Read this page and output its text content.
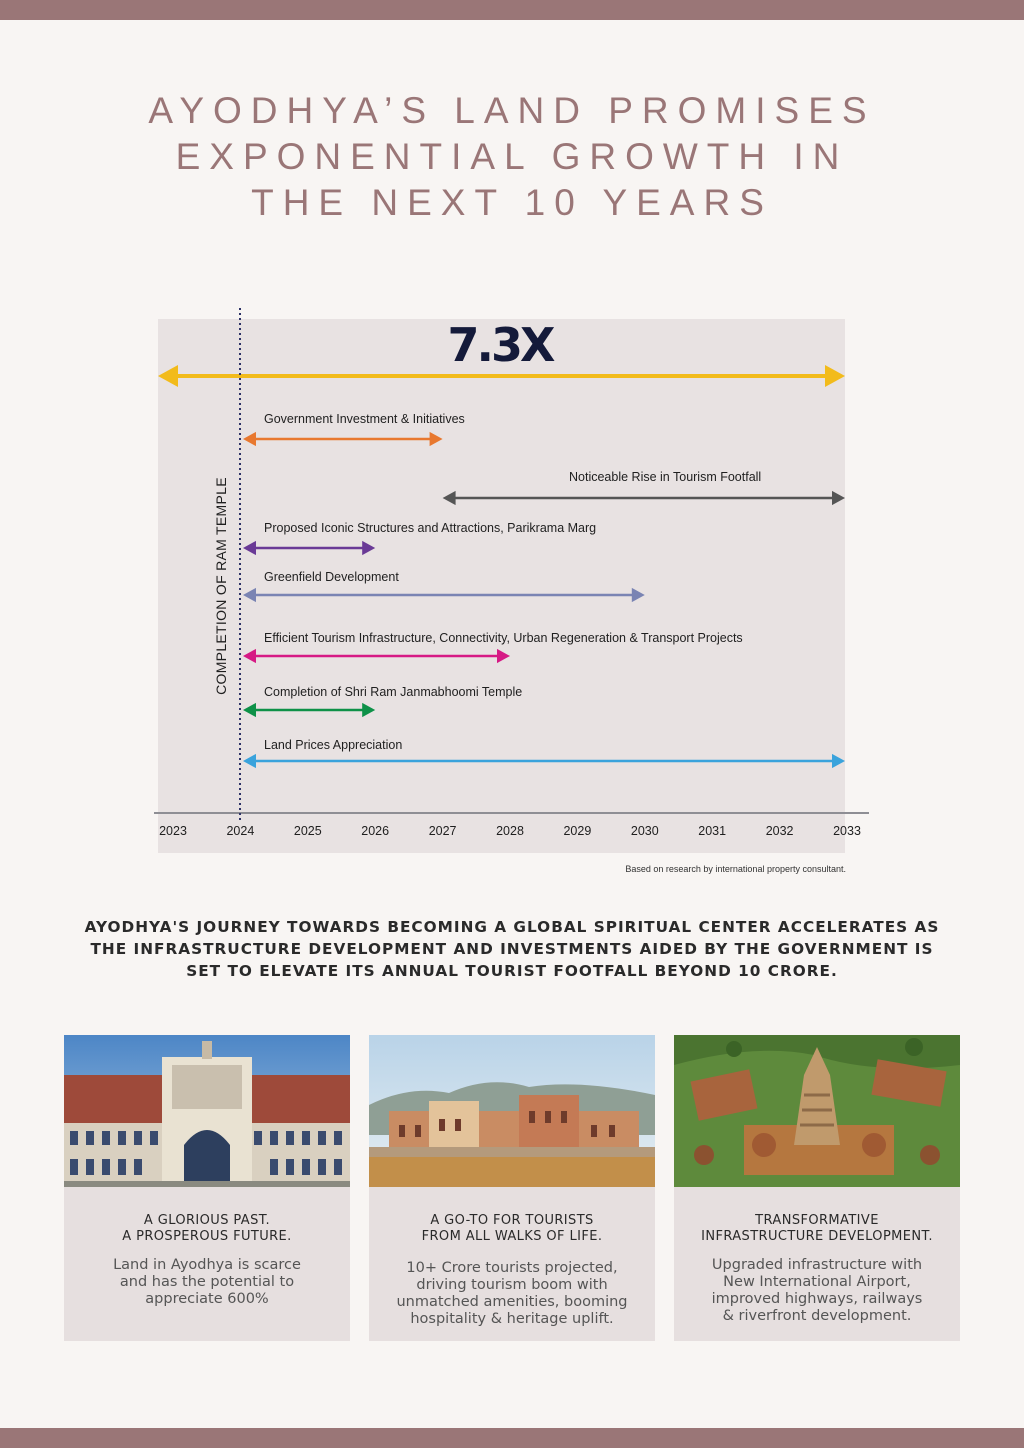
AYODHYA’S LAND PROMISES
EXPONENTIAL GROWTH IN
THE NEXT 10 YEARS
7.3X
Government Investment & Initiatives
Noticeable Rise in Tourism Footfall
Proposed Iconic Structures and Attractions, Parikrama Marg
Greenfield Development
Efficient Tourism Infrastructure, Connectivity, Urban Regeneration & Transport Projects
Completion of Shri Ram Janmabhoomi Temple
Land Prices Appreciation
2023	2024	2025	2026	2027	2028	2029	2030	2031	2032	2033
COMPLETION OF RAM TEMPLE
Based on research by international property consultant.
AYODHYA'S JOURNEY TOWARDS BECOMING A GLOBAL SPIRITUAL CENTER ACCELERATES AS
THE INFRASTRUCTURE DEVELOPMENT AND INVESTMENTS AIDED BY THE GOVERNMENT IS
SET TO ELEVATE ITS ANNUAL TOURIST FOOTFALL BEYOND 10 CRORE.
A GLORIOUS PAST.
A PROSPEROUS FUTURE.
Land in Ayodhya is scarce
and has the potential to
appreciate 600%
A GO-TO FOR TOURISTS
FROM ALL WALKS OF LIFE.
10+ Crore tourists projected,
driving tourism boom with
unmatched amenities, booming
hospitality & heritage uplift.
TRANSFORMATIVE
INFRASTRUCTURE DEVELOPMENT.
Upgraded infrastructure with
New International Airport,
improved highways, railways
& riverfront development.
